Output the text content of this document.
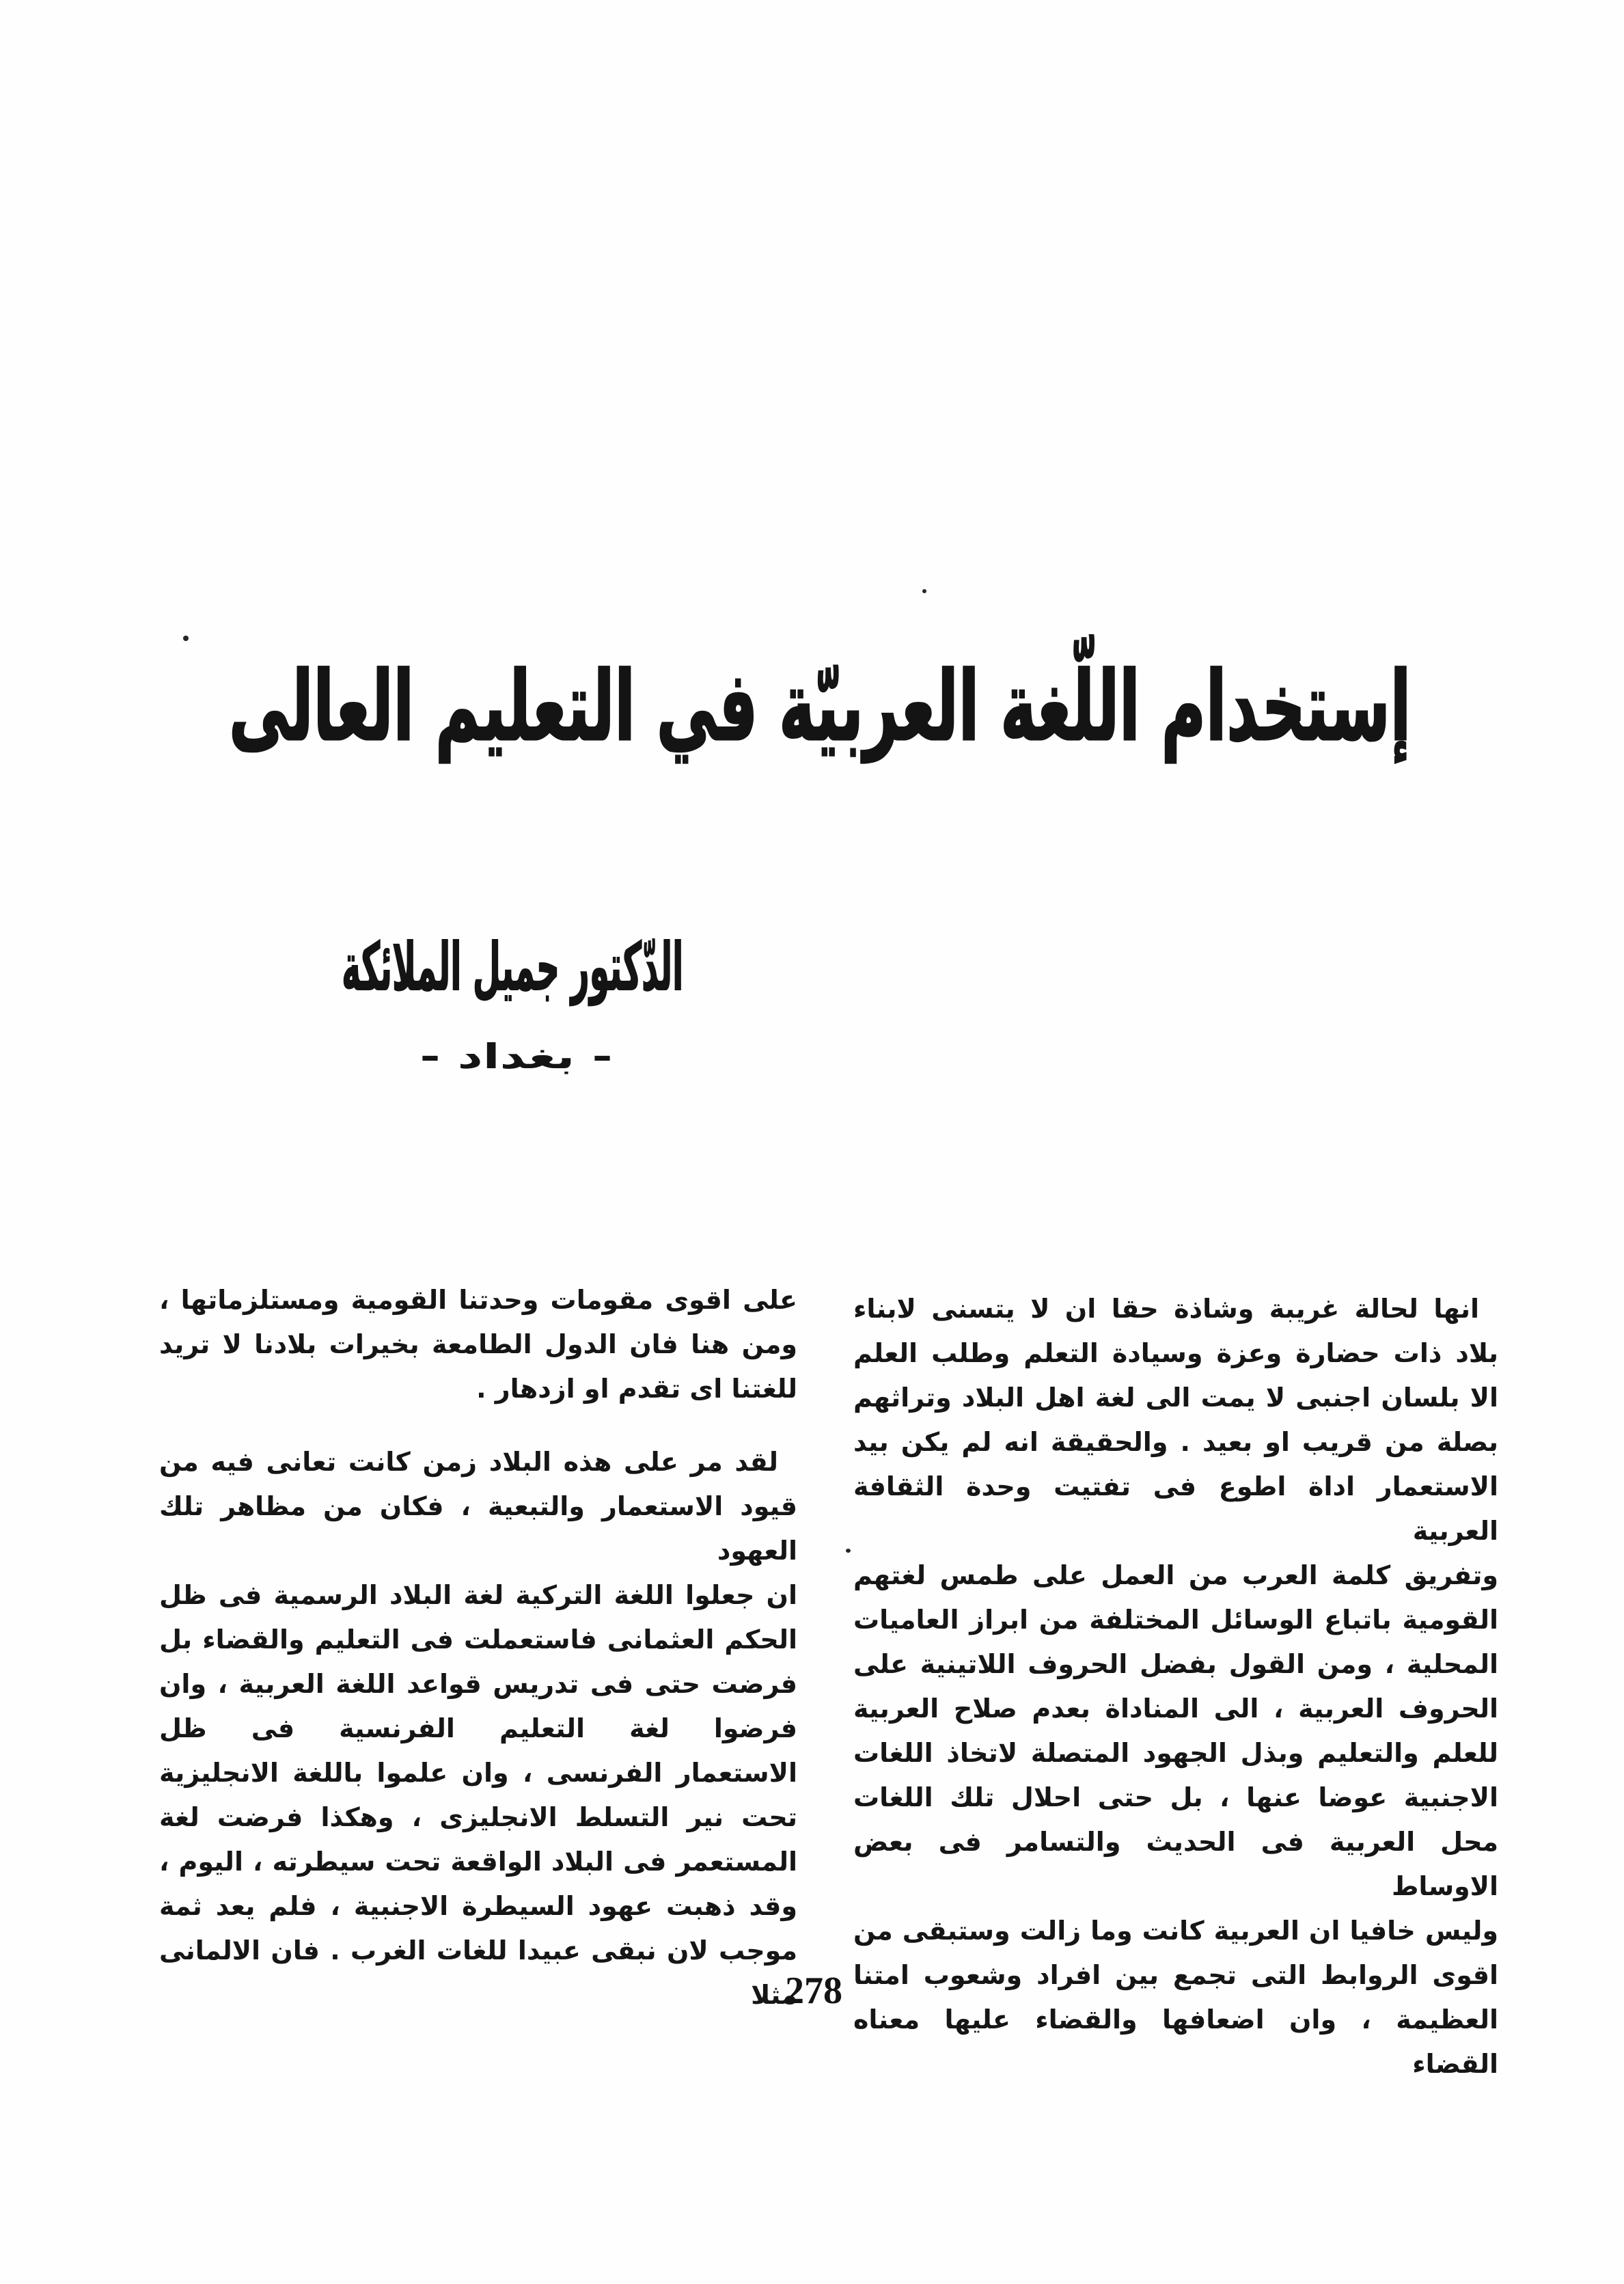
إستخدام اللّغة العربيّة في التعليم العالى
الدّكتور جميل الملائكة
- بغداد -
انها لحالة غريبة وشاذة حقا ان لا يتسنى لابناء
بلاد ذات حضارة وعزة وسيادة التعلم وطلب العلم
الا بلسان اجنبى لا يمت الى لغة اهل البلاد وتراثهم
بصلة من قريب او بعيد . والحقيقة انه لم يكن بيد
الاستعمار اداة اطوع فى تفتيت وحدة الثقافة العربية
وتفريق كلمة العرب من العمل على طمس لغتهم
القومية باتباع الوسائل المختلفة من ابراز العاميات
المحلية ، ومن القول بفضل الحروف اللاتينية على
الحروف العربية ، الى المناداة بعدم صلاح العربية
للعلم والتعليم وبذل الجهود المتصلة لاتخاذ اللغات
الاجنبية عوضا عنها ، بل حتى احلال تلك اللغات
محل العربية فى الحديث والتسامر فى بعض الاوساط
وليس خافيا ان العربية كانت وما زالت وستبقى من
اقوى الروابط التى تجمع بين افراد وشعوب امتنا
العظيمة ، وان اضعافها والقضاء عليها معناه القضاء
على اقوى مقومات وحدتنا القومية ومستلزماتها ،
ومن هنا فان الدول الطامعة بخيرات بلادنا لا تريد
للغتنا اى تقدم او ازدهار .
لقد مر على هذه البلاد زمن كانت تعانى فيه من
قيود الاستعمار والتبعية ، فكان من مظاهر تلك العهود
ان جعلوا اللغة التركية لغة البلاد الرسمية فى ظل
الحكم العثمانى فاستعملت فى التعليم والقضاء بل
فرضت حتى فى تدريس قواعد اللغة العربية ، وان
فرضوا لغة التعليم الفرنسية فى ظل
الاستعمار الفرنسى ، وان علموا باللغة الانجليزية
تحت نير التسلط الانجليزى ، وهكذا فرضت لغة
المستعمر فى البلاد الواقعة تحت سيطرته ، اليوم ،
وقد ذهبت عهود السيطرة الاجنبية ، فلم يعد ثمة
موجب لان نبقى عبيدا للغات الغرب . فان الالمانى مثلا
278
